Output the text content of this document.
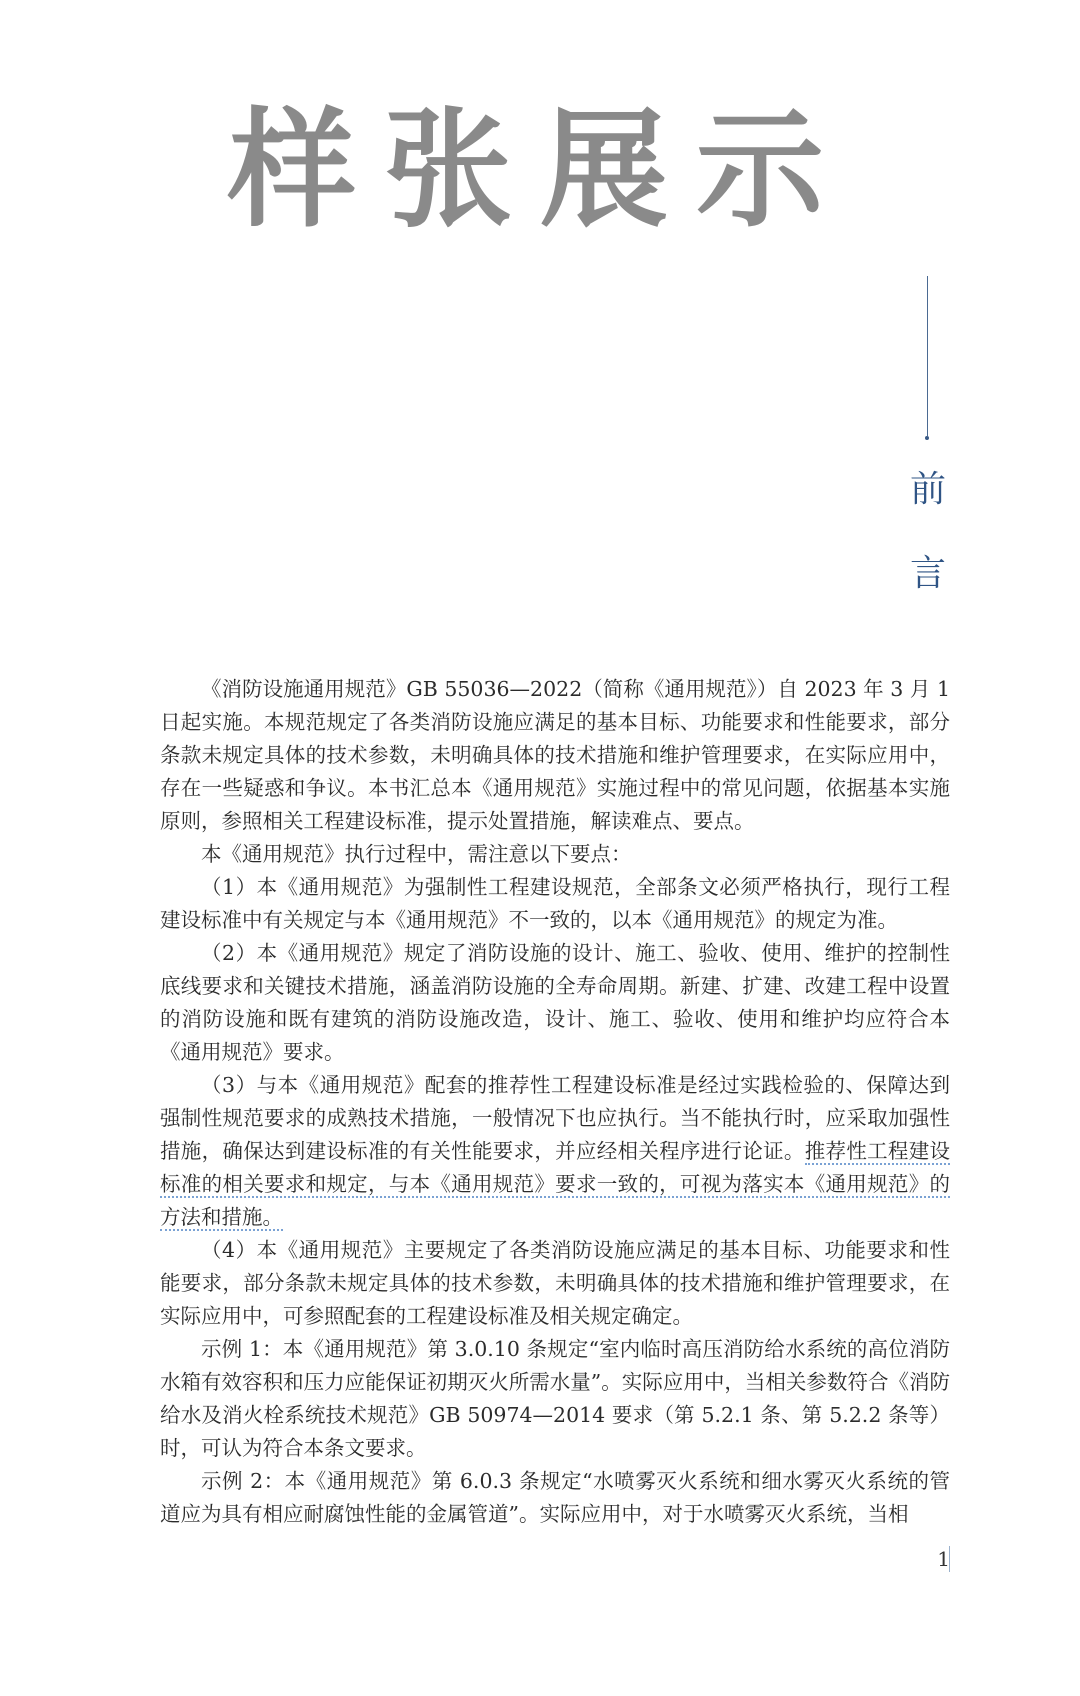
样张展示
前
言

《消防设施通用规范》GB 55036—2022（简称《通用规范》）自 2023 年 3 月 1 日起实施。本规范规定了各类消防设施应满足的基本目标、功能要求和性能要求，部分条款未规定具体的技术参数，未明确具体的技术措施和维护管理要求，在实际应用中，存在一些疑惑和争议。本书汇总本《通用规范》实施过程中的常见问题，依据基本实施原则，参照相关工程建设标准，提示处置措施，解读难点、要点。

本《通用规范》执行过程中，需注意以下要点：

（1）本《通用规范》为强制性工程建设规范，全部条文必须严格执行，现行工程建设标准中有关规定与本《通用规范》不一致的，以本《通用规范》的规定为准。

（2）本《通用规范》规定了消防设施的设计、施工、验收、使用、维护的控制性底线要求和关键技术措施，涵盖消防设施的全寿命周期。新建、扩建、改建工程中设置的消防设施和既有建筑的消防设施改造，设计、施工、验收、使用和维护均应符合本《通用规范》要求。

（3）与本《通用规范》配套的推荐性工程建设标准是经过实践检验的、保障达到强制性规范要求的成熟技术措施，一般情况下也应执行。当不能执行时，应采取加强性措施，确保达到建设标准的有关性能要求，并应经相关程序进行论证。推荐性工程建设标准的相关要求和规定，与本《通用规范》要求一致的，可视为落实本《通用规范》的方法和措施。

（4）本《通用规范》主要规定了各类消防设施应满足的基本目标、功能要求和性能要求，部分条款未规定具体的技术参数，未明确具体的技术措施和维护管理要求，在实际应用中，可参照配套的工程建设标准及相关规定确定。

示例 1：本《通用规范》第 3.0.10 条规定“室内临时高压消防给水系统的高位消防水箱有效容积和压力应能保证初期灭火所需水量”。实际应用中，当相关参数符合《消防给水及消火栓系统技术规范》GB 50974—2014 要求（第 5.2.1 条、第 5.2.2 条等）时，可认为符合本条文要求。

示例 2：本《通用规范》第 6.0.3 条规定“水喷雾灭火系统和细水雾灭火系统的管道应为具有相应耐腐蚀性能的金属管道”。实际应用中，对于水喷雾灭火系统，当相

1
